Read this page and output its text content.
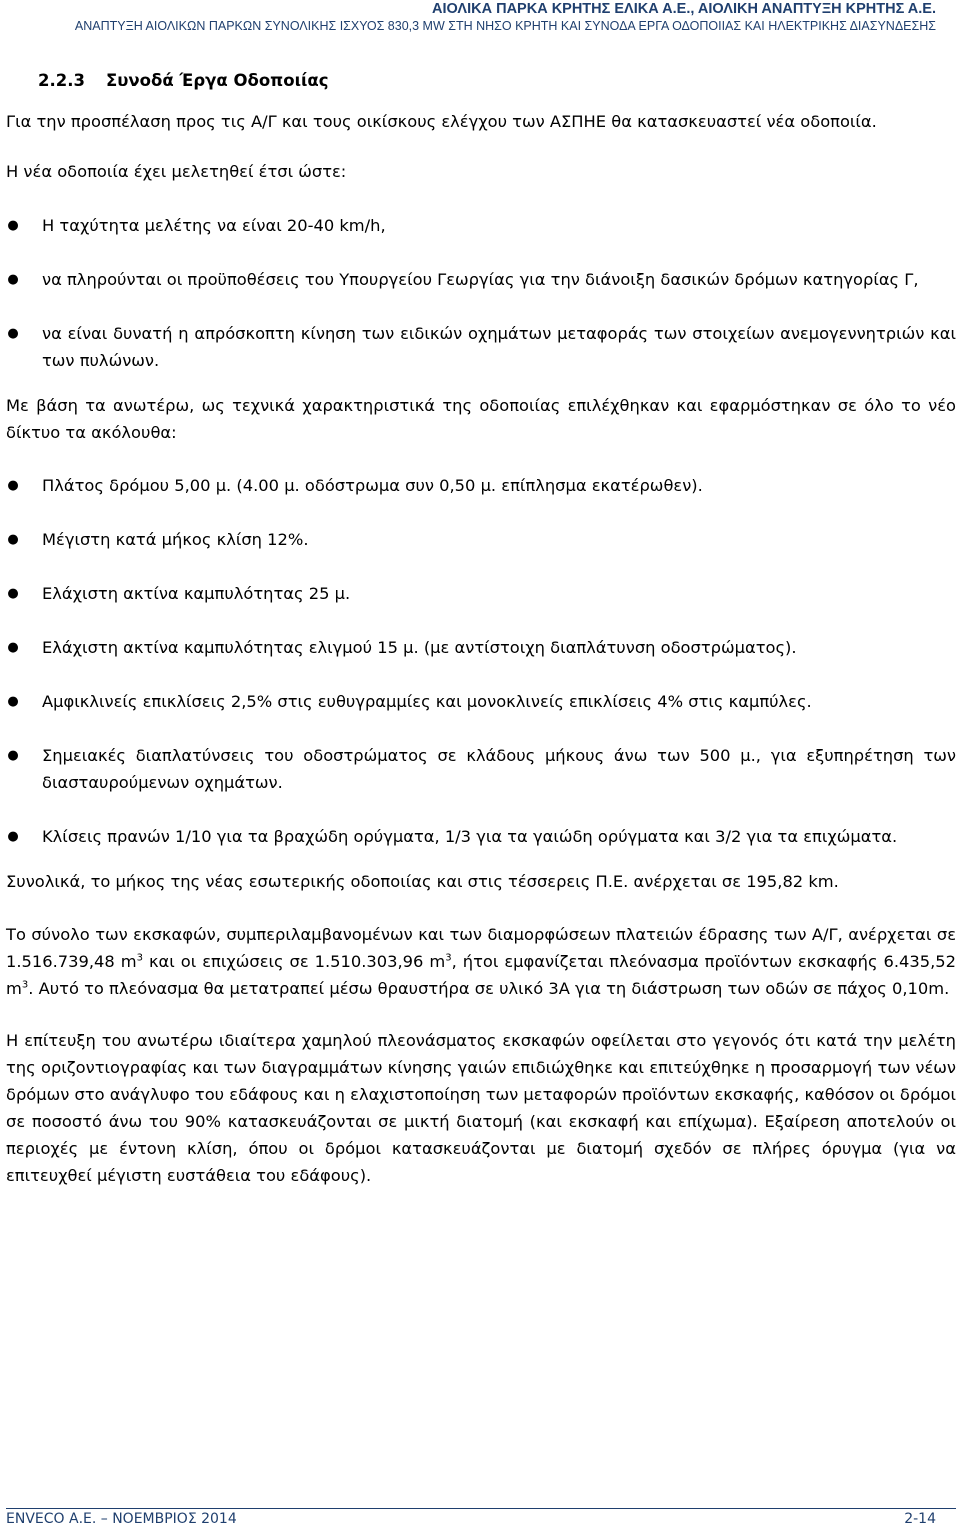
ΑΙΟΛΙΚΑ ΠΑΡΚΑ ΚΡΗΤΗΣ ΕΛΙΚΑ Α.Ε., ΑΙΟΛΙΚΗ ΑΝΑΠΤΥΞΗ ΚΡΗΤΗΣ Α.Ε.
ΑΝΑΠΤΥΞΗ ΑΙΟΛΙΚΩΝ ΠΑΡΚΩΝ ΣΥΝΟΛΙΚΗΣ ΙΣΧΥΟΣ 830,3 MW ΣΤΗ ΝΗΣΟ ΚΡΗΤΗ ΚΑΙ ΣΥΝΟΔΑ ΕΡΓΑ ΟΔΟΠΟΙΙΑΣ ΚΑΙ ΗΛΕΚΤΡΙΚΗΣ ΔΙΑΣΥΝΔΕΣΗΣ
2.2.3 Συνοδά Έργα Οδοποιίας

Για την προσπέλαση προς τις Α/Γ και τους οικίσκους ελέγχου των ΑΣΠΗΕ θα κατασκευαστεί νέα οδοποιία.

Η νέα οδοποιία έχει μελετηθεί έτσι ώστε:

● Η ταχύτητα μελέτης να είναι 20-40 km/h,
● να πληρούνται οι προϋποθέσεις του Υπουργείου Γεωργίας για την διάνοιξη δασικών δρόμων κατηγορίας Γ,
● να είναι δυνατή η απρόσκοπτη κίνηση των ειδικών οχημάτων μεταφοράς των στοιχείων ανεμογεννητριών και των πυλώνων.

Με βάση τα ανωτέρω, ως τεχνικά χαρακτηριστικά της οδοποιίας επιλέχθηκαν και εφαρμόστηκαν σε όλο το νέο δίκτυο τα ακόλουθα:

● Πλάτος δρόμου 5,00 μ. (4.00 μ. οδόστρωμα συν 0,50 μ. επίπλησμα εκατέρωθεν).
● Μέγιστη κατά μήκος κλίση 12%.
● Ελάχιστη ακτίνα καμπυλότητας 25 μ.
● Ελάχιστη ακτίνα καμπυλότητας ελιγμού 15 μ. (με αντίστοιχη διαπλάτυνση οδοστρώματος).
● Αμφικλινείς επικλίσεις 2,5% στις ευθυγραμμίες και μονοκλινείς επικλίσεις 4% στις καμπύλες.
● Σημειακές διαπλατύνσεις του οδοστρώματος σε κλάδους μήκους άνω των 500 μ., για εξυπηρέτηση των διασταυρούμενων οχημάτων.
● Κλίσεις πρανών 1/10 για τα βραχώδη ορύγματα, 1/3 για τα γαιώδη ορύγματα και 3/2 για τα επιχώματα.

Συνολικά, το μήκος της νέας εσωτερικής οδοποιίας και στις τέσσερεις Π.Ε. ανέρχεται σε 195,82 km.

Το σύνολο των εκσκαφών, συμπεριλαμβανομένων και των διαμορφώσεων πλατειών έδρασης των Α/Γ, ανέρχεται σε 1.516.739,48 $m^3$ και οι επιχώσεις σε 1.510.303,96 $m^3$, ήτοι εμφανίζεται πλεόνασμα προϊόντων εκσκαφής 6.435,52 $m^3$. Αυτό το πλεόνασμα θα μετατραπεί μέσω θραυστήρα σε υλικό 3Α για τη διάστρωση των οδών σε πάχος 0,10m.

Η επίτευξη του ανωτέρω ιδιαίτερα χαμηλού πλεονάσματος εκσκαφών οφείλεται στο γεγονός ότι κατά την μελέτη της οριζοντιογραφίας και των διαγραμμάτων κίνησης γαιών επιδιώχθηκε και επιτεύχθηκε η προσαρμογή των νέων δρόμων στο ανάγλυφο του εδάφους και η ελαχιστοποίηση των μεταφορών προϊόντων εκσκαφής, καθόσον οι δρόμοι σε ποσοστό άνω του 90% κατασκευάζονται σε μικτή διατομή (και εκσκαφή και επίχωμα). Εξαίρεση αποτελούν οι περιοχές με έντονη κλίση, όπου οι δρόμοι κατασκευάζονται με διατομή σχεδόν σε πλήρες όρυγμα (για να επιτευχθεί μέγιστη ευστάθεια του εδάφους).

ENVECO Α.Ε. – ΝΟΕΜΒΡΙΟΣ 2014	2-14
